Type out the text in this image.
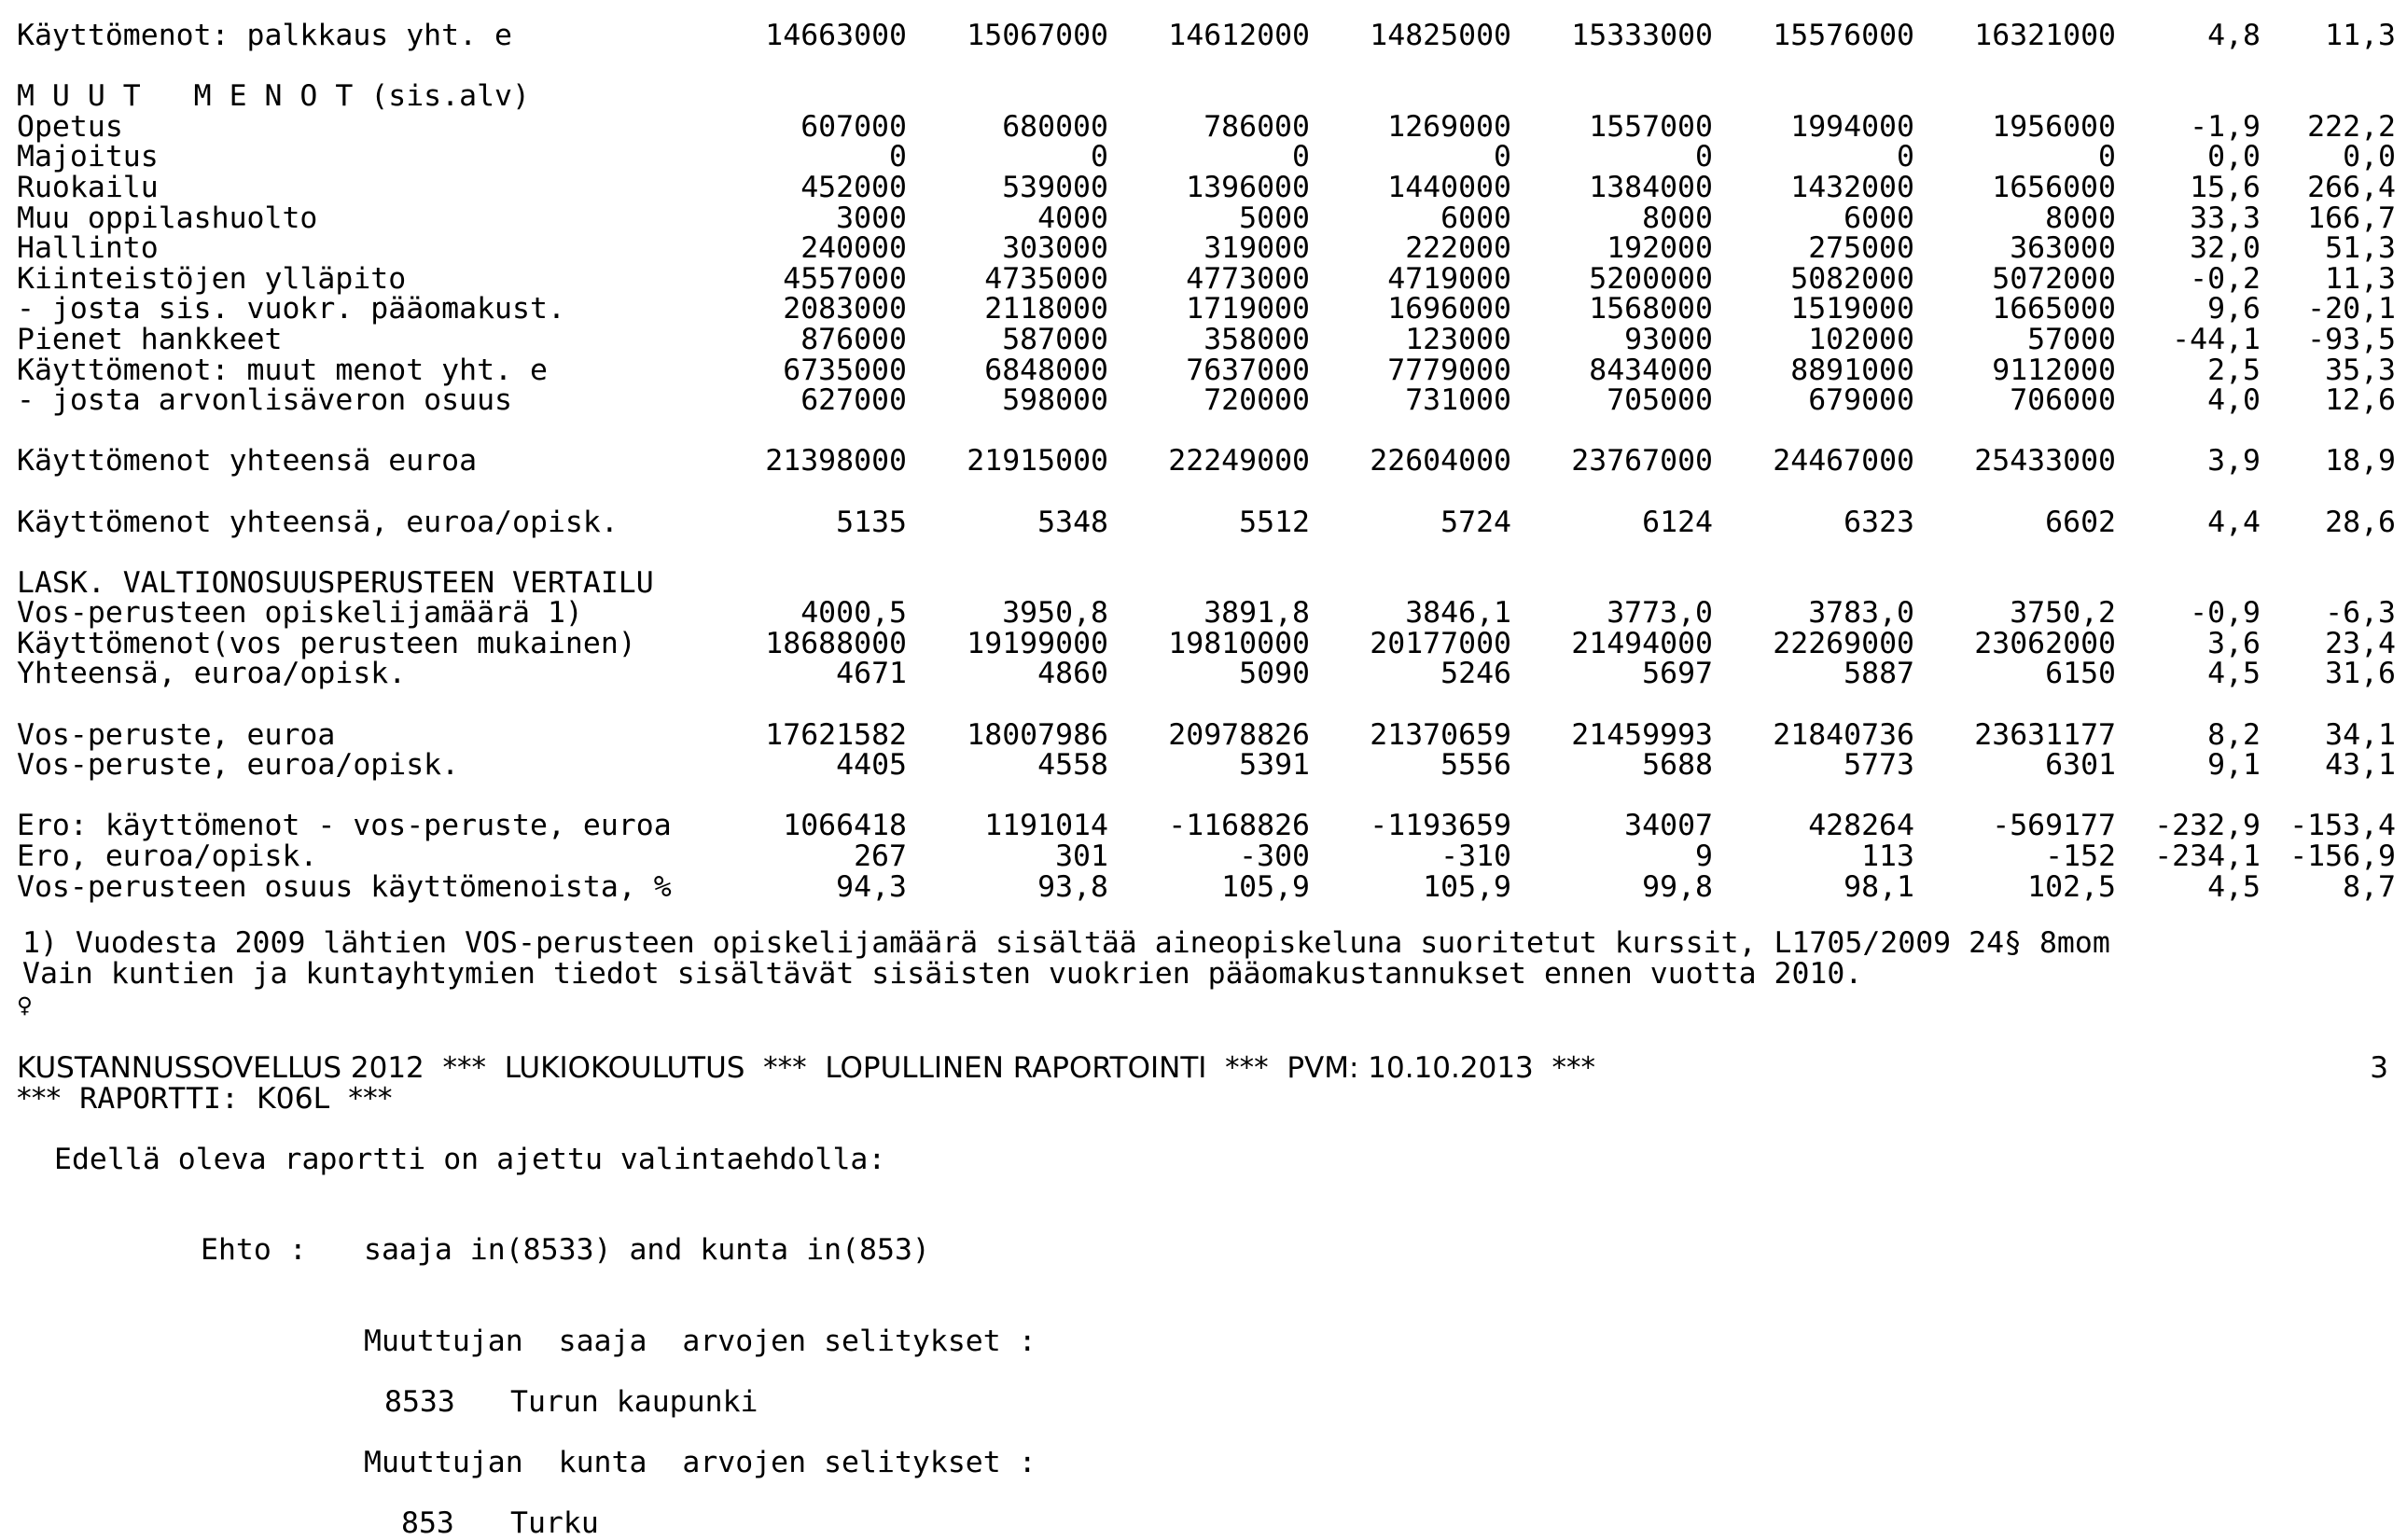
Käyttömenot: palkkaus yht. e	14663000	15067000	14612000	14825000	15333000	15576000	16321000	4,8	11,3

M U U T   M E N O T (sis.alv)									
Opetus	607000	680000	786000	1269000	1557000	1994000	1956000	-1,9	222,2
Majoitus	0	0	0	0	0	0	0	0,0	0,0
Ruokailu	452000	539000	1396000	1440000	1384000	1432000	1656000	15,6	266,4
Muu oppilashuolto	3000	4000	5000	6000	8000	6000	8000	33,3	166,7
Hallinto	240000	303000	319000	222000	192000	275000	363000	32,0	51,3
Kiinteistöjen ylläpito	4557000	4735000	4773000	4719000	5200000	5082000	5072000	-0,2	11,3
- josta sis. vuokr. pääomakust.	2083000	2118000	1719000	1696000	1568000	1519000	1665000	9,6	-20,1
Pienet hankkeet	876000	587000	358000	123000	93000	102000	57000	-44,1	-93,5
Käyttömenot: muut menot yht. e	6735000	6848000	7637000	7779000	8434000	8891000	9112000	2,5	35,3
- josta arvonlisäveron osuus	627000	598000	720000	731000	705000	679000	706000	4,0	12,6

Käyttömenot yhteensä euroa	21398000	21915000	22249000	22604000	23767000	24467000	25433000	3,9	18,9

Käyttömenot yhteensä, euroa/opisk.	5135	5348	5512	5724	6124	6323	6602	4,4	28,6

LASK. VALTIONOSUUSPERUSTEEN VERTAILU									
Vos-perusteen opiskelijamäärä 1)	4000,5	3950,8	3891,8	3846,1	3773,0	3783,0	3750,2	-0,9	-6,3
Käyttömenot(vos perusteen mukainen)	18688000	19199000	19810000	20177000	21494000	22269000	23062000	3,6	23,4
Yhteensä, euroa/opisk.	4671	4860	5090	5246	5697	5887	6150	4,5	31,6

Vos-peruste, euroa	17621582	18007986	20978826	21370659	21459993	21840736	23631177	8,2	34,1
Vos-peruste, euroa/opisk.	4405	4558	5391	5556	5688	5773	6301	9,1	43,1

Ero: käyttömenot - vos-peruste, euroa	1066418	1191014	-1168826	-1193659	34007	428264	-569177	-232,9	-153,4
Ero, euroa/opisk.	267	301	-300	-310	9	113	-152	-234,1	-156,9
Vos-perusteen osuus käyttömenoista, %	94,3	93,8	105,9	105,9	99,8	98,1	102,5	4,5	8,7
1) Vuodesta 2009 lähtien VOS-perusteen opiskelijamäärä sisältää aineopiskeluna suoritetut kurssit, L1705/2009 24§ 8mom
Vain kuntien ja kuntayhtymien tiedot sisältävät sisäisten vuokrien pääomakustannukset ennen vuotta 2010.
♀
KUSTANNUSSOVELLUS 2012  ***  LUKIOKOULUTUS  ***  LOPULLINEN RAPORTOINTI  ***  PVM: 10.10.2013  ***	3
***  RAPORTTI: K06L  ***
Edellä oleva raportti on ajettu valintaehdolla:
Ehto : saaja in(8533) and kunta in(853)
Muuttujan  saaja  arvojen selitykset :
8533 Turun kaupunki
Muuttujan  kunta  arvojen selitykset :
853 Turku
